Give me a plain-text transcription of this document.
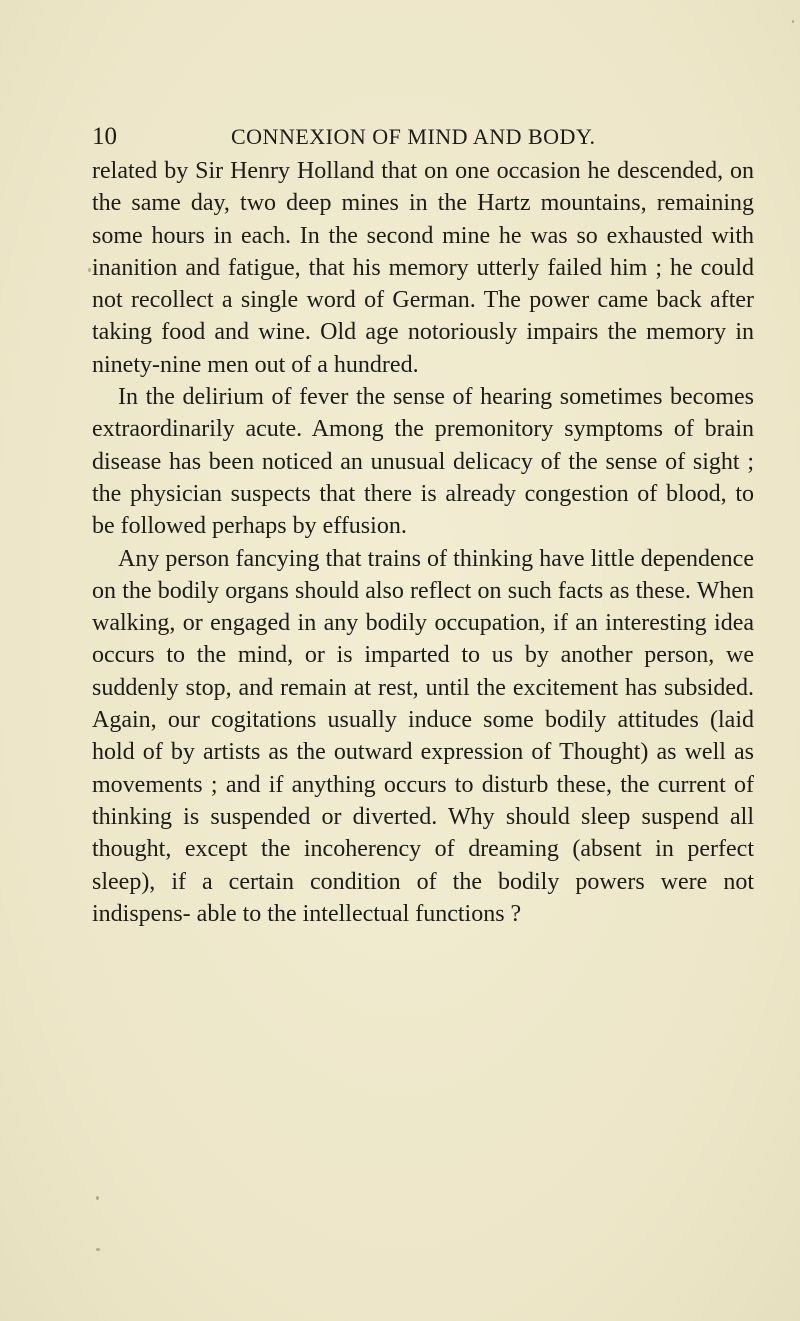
10	CONNEXION OF MIND AND BODY.

related by Sir Henry Holland that on one occasion he descended, on the same day, two deep mines in the Hartz mountains, remaining some hours in each. In the second mine he was so exhausted with inanition and fatigue, that his memory utterly failed him ; he could not recollect a single word of German. The power came back after taking food and wine. Old age notoriously impairs the memory in ninety-nine men out of a hundred.

In the delirium of fever the sense of hearing sometimes becomes extraordinarily acute. Among the premonitory symptoms of brain disease has been noticed an unusual delicacy of the sense of sight ; the physician suspects that there is already congestion of blood, to be followed perhaps by effusion.

Any person fancying that trains of thinking have little dependence on the bodily organs should also reflect on such facts as these. When walking, or engaged in any bodily occupation, if an interesting idea occurs to the mind, or is imparted to us by another person, we suddenly stop, and remain at rest, until the excitement has subsided. Again, our cogitations usually induce some bodily attitudes (laid hold of by artists as the outward expression of Thought) as well as movements ; and if anything occurs to disturb these, the current of thinking is suspended or diverted. Why should sleep suspend all thought, except the incoherency of dreaming (absent in perfect sleep), if a certain condition of the bodily powers were not indispens- able to the intellectual functions ?
